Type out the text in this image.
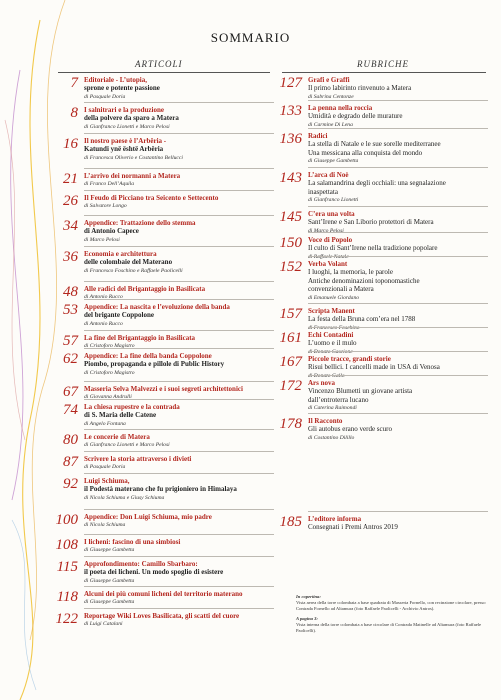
SOMMARIO
ARTICOLI	RUBRICHE
7 Editoriale - L’utopia,
sprone e potente passione
di Pasquale Doria
8 I salnitrari e la produzione
della polvere da sparo a Matera
di Gianfranco Lionetti e Marco Pelosi
16 Il nostro paese è l’Arbëria -
Katundi ynë është Arbëria
di Francesca Oliverio e Costantino Bellucci
21 L’arrivo dei normanni a Matera
di Franco Dell’Aquila
26 Il Feudo di Picciano tra Seicento e Settecento
di Salvatore Longo
34 Appendice: Trattazione dello stemma
di Antonio Capece
di Marco Pelosi
36 Economia e architettura
delle colombaie del Materano
di Francesco Foschino e Raffaele Paolicelli
48 Alle radici del Brigantaggio in Basilicata
di Antonio Rucco
53 Appendice: La nascita e l’evoluzione della banda
del brigante Coppolone
di Antonio Rucco
57 La fine del Brigantaggio in Basilicata
di Cristoforo Magistro
62 Appendice: La fine della banda Coppolone
Piombo, propaganda e pillole di Public History
di Cristoforo Magistro
67 Masseria Selva Malvezzi e i suoi segreti architettonici
di Giovanna Andrulli
74 La chiesa rupestre e la contrada
di S. Maria delle Catene
di Angelo Fontana
80 Le concerie di Matera
di Gianfranco Lionetti e Marco Pelosi
87 Scrivere la storia attraverso i divieti
di Pasquale Doria
92 Luigi Schiuma,
il Podestà materano che fu prigioniero in Himalaya
di Nicola Schiuma e Giusy Schiuma
100 Appendice: Don Luigi Schiuma, mio padre
di Nicola Schiuma
108 I licheni: fascino di una simbiosi
di Giuseppe Gambetta
115 Approfondimento: Camillo Sbarbaro:
il poeta dei licheni. Un modo spoglio di esistere
di Giuseppe Gambetta
118 Alcuni dei più comuni licheni del territorio materano
di Giuseppe Gambetta
122 Reportage Wiki Loves Basilicata, gli scatti del cuore
di Luigi Catalani
127 Grafi e Graffi
Il primo labirinto rinvenuto a Matera
di Sabrina Centonze
133 La penna nella roccia
Umidità e degrado delle murature
di Carmine Di Lena
136 Radici
La stella di Natale e le sue sorelle mediterranee
Una messicana alla conquista del mondo
di Giuseppe Gambetta
143 L’arca di Noè
La salamandrina degli occhiali: una segnalazione
inaspettata
di Gianfranco Lionetti
145 C’era una volta
Sant’Irene e San Liborio protettori di Matera
di Marco Pelosi
150 Voce di Popolo
Il culto di Sant’Irene nella tradizione popolare
di Raffaele Natale
152 Verba Volant
I luoghi, la memoria, le parole
Antiche denominazioni toponomastiche
convenzionali a Matera
di Emanuele Giordano
157 Scripta Manent
La festa della Bruna com’era nel 1788
di Francesco Foschino
161 Echi Contadini
L’uomo e il mulo
di Donato Cascione
167 Piccole tracce, grandi storie
Risui bellici. I cancelli made in USA di Venosa
di Donato Gallo
172 Ars nova
Vincenzo Blumetti un giovane artista
dall’entroterra lucano
di Caterina Raimondi
178 Il Racconto
Gli autobus erano verde scuro
di Costantino Dilillo
185 L’editore informa
Consegnati i Premi Antros 2019

In copertina:
Vista aerea della torre colombaia a base quadrata di Masseria Fornello, con recinzione circolare, presso Contrada Fornello ad Altamura (foto Raffaele Paolicelli - Archivio Antros).

A pagina 3:
Vista interna della torre colombaia a base circolare di Contrada Matinelle ad Altamura (foto Raffaele Paolicelli).
